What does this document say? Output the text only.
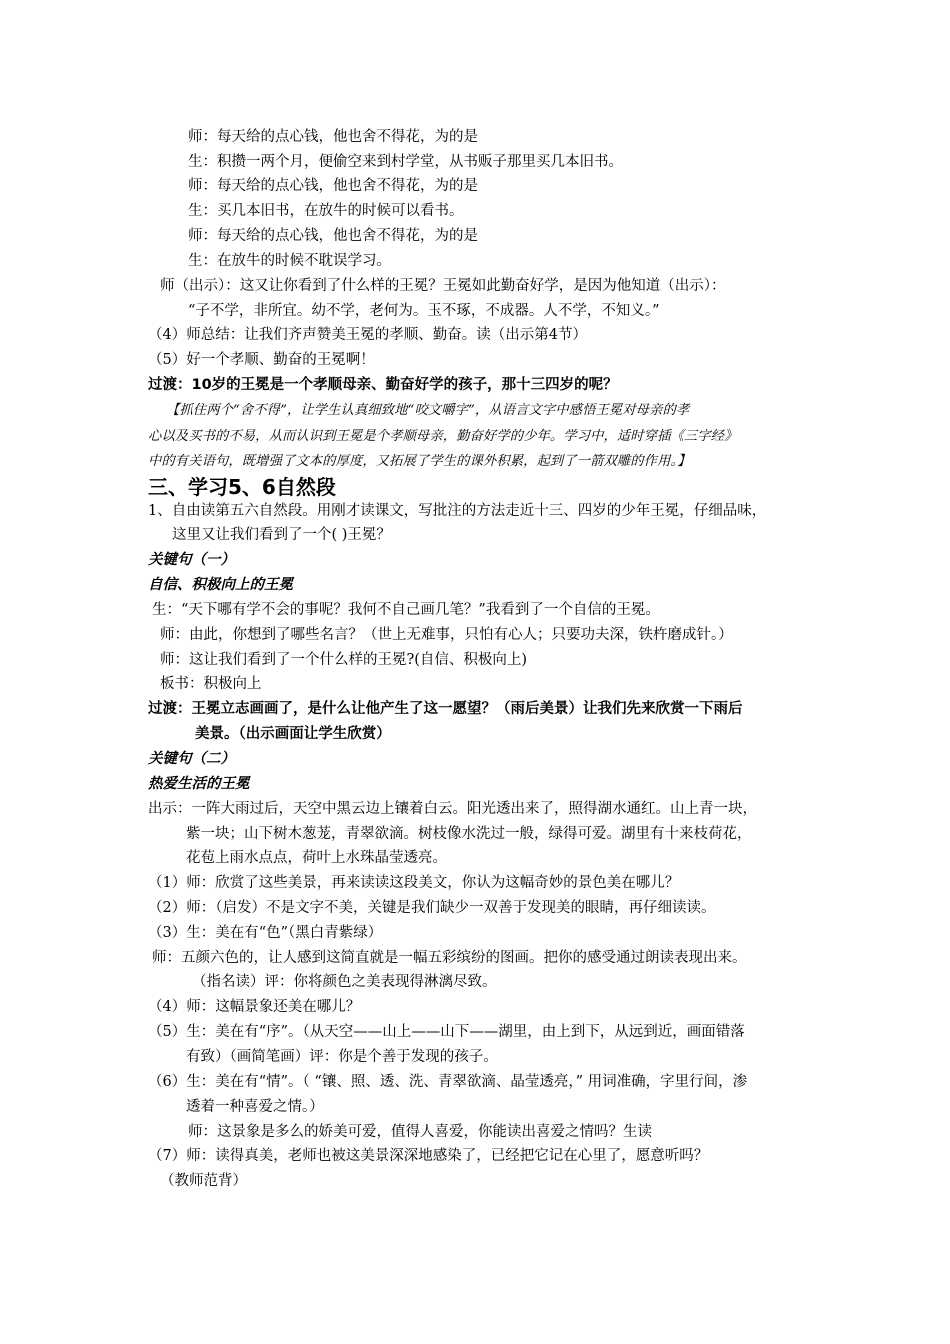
师：每天给的点心钱，他也舍不得花，为的是
生：积攒一两个月，便偷空来到村学堂，从书贩子那里买几本旧书。
师：每天给的点心钱，他也舍不得花，为的是
生：买几本旧书，在放牛的时候可以看书。
师：每天给的点心钱，他也舍不得花，为的是
生：在放牛的时候不耽误学习。
师（出示）：这又让你看到了什么样的王冕？王冕如此勤奋好学，是因为他知道（出示）：
“子不学，非所宜。幼不学，老何为。玉不琢，不成器。人不学，不知义。”
（4）师总结：让我们齐声赞美王冕的孝顺、勤奋。读（出示第4节）
（5）好一个孝顺、勤奋的王冕啊！
过渡：10岁的王冕是一个孝顺母亲、勤奋好学的孩子，那十三四岁的呢？
【抓住两个“舍不得”，让学生认真细致地“咬文嚼字”，从语言文字中感悟王冕对母亲的孝
心以及买书的不易，从而认识到王冕是个孝顺母亲，勤奋好学的少年。学习中，适时穿插《三字经》
中的有关语句，既增强了文本的厚度，又拓展了学生的课外积累，起到了一箭双雕的作用。】
三、学习5、6自然段
1、自由读第五六自然段。用刚才读课文，写批注的方法走近十三、四岁的少年王冕，仔细品味，
这里又让我们看到了一个( )王冕？
关键句（一）
自信、积极向上的王冕
生：“天下哪有学不会的事呢？我何不自己画几笔？”我看到了一个自信的王冕。
师：由此，你想到了哪些名言？（世上无难事，只怕有心人；只要功夫深，铁杵磨成针。）
师：这让我们看到了一个什么样的王冕?(自信、积极向上)
板书：积极向上
过渡：王冕立志画画了，是什么让他产生了这一愿望？（雨后美景）让我们先来欣赏一下雨后
美景。（出示画面让学生欣赏）
关键句（二）
热爱生活的王冕
出示：一阵大雨过后，天空中黑云边上镶着白云。阳光透出来了，照得湖水通红。山上青一块，
紫一块；山下树木葱茏，青翠欲滴。树枝像水洗过一般，绿得可爱。湖里有十来枝荷花，
花苞上雨水点点，荷叶上水珠晶莹透亮。
（1）师：欣赏了这些美景，再来读读这段美文，你认为这幅奇妙的景色美在哪儿？
（2）师：（启发）不是文字不美，关键是我们缺少一双善于发现美的眼睛，再仔细读读。
（3）生：美在有“色”（黑白青紫绿）
师：五颜六色的，让人感到这简直就是一幅五彩缤纷的图画。把你的感受通过朗读表现出来。
（指名读）评：你将颜色之美表现得淋漓尽致。
（4）师：这幅景象还美在哪儿？
（5）生：美在有“序”。（从天空——山上——山下——湖里，由上到下，从远到近，画面错落
有致）（画简笔画）评：你是个善于发现的孩子。
（6）生：美在有“情”。（ “镶、照、透、洗、青翠欲滴、晶莹透亮，” 用词准确，字里行间，渗
透着一种喜爱之情。）
师：这景象是多么的娇美可爱，值得人喜爱，你能读出喜爱之情吗？生读
（7）师：读得真美，老师也被这美景深深地感染了，已经把它记在心里了，愿意听吗？
（教师范背）
